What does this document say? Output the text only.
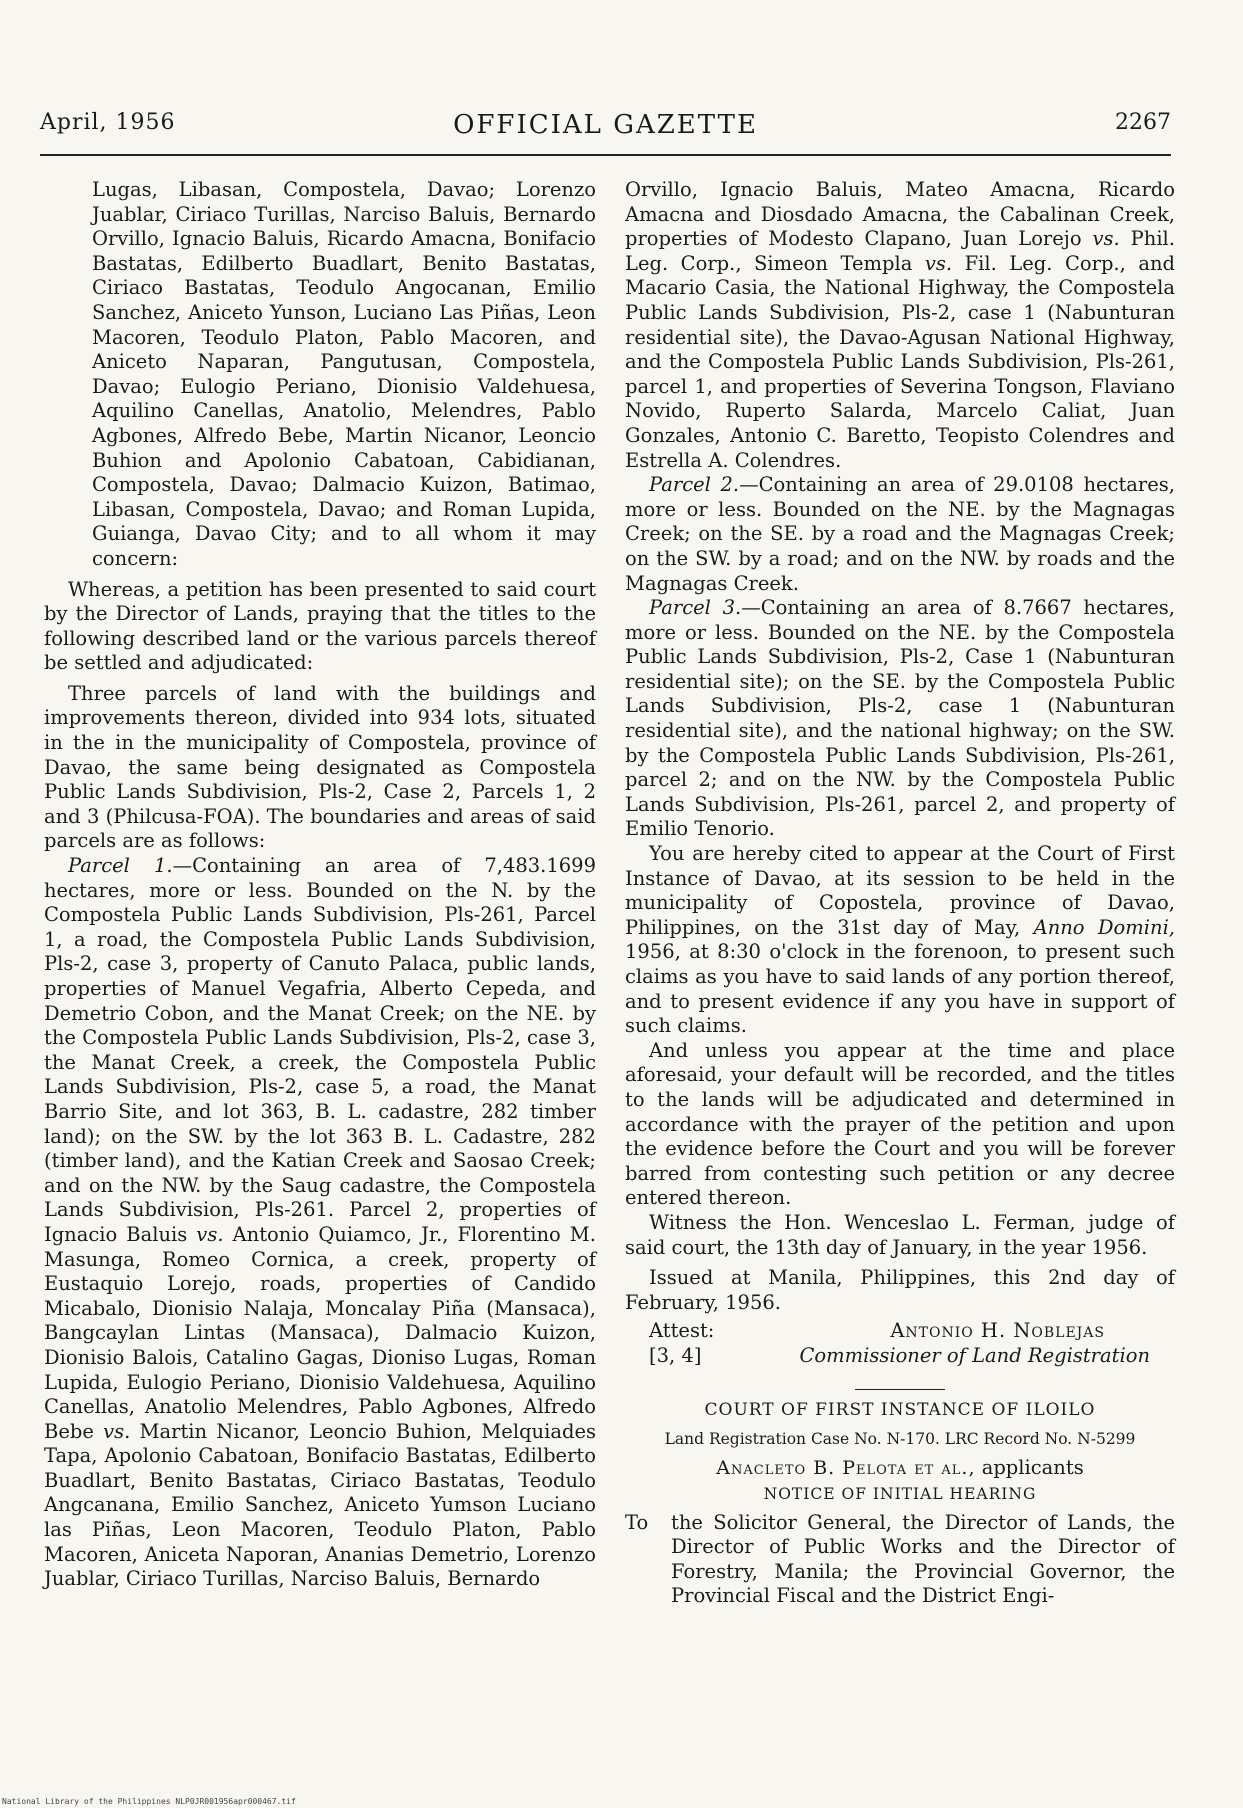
April, 1956	OFFICIAL GAZETTE	2267

Lugas, Libasan, Compostela, Davao; Lorenzo Juablar, Ciriaco Turillas, Narciso Baluis, Bernardo Orvillo, Ignacio Baluis, Ricardo Amacna, Bonifacio Bastatas, Edilberto Buadlart, Benito Bastatas, Ciriaco Bastatas, Teodulo Angocanan, Emilio Sanchez, Aniceto Yunson, Luciano Las Piñas, Leon Macoren, Teodulo Platon, Pablo Macoren, and Aniceto Naparan, Pangutusan, Compostela, Davao; Eulogio Periano, Dionisio Valdehuesa, Aquilino Canellas, Anatolio, Melendres, Pablo Agbones, Alfredo Bebe, Martin Nicanor, Leoncio Buhion and Apolonio Cabatoan, Cabidianan, Compostela, Davao; Dalmacio Kuizon, Batimao, Libasan, Compostela, Davao; and Roman Lupida, Guianga, Davao City; and to all whom it may concern:

Whereas, a petition has been presented to said court by the Director of Lands, praying that the titles to the following described land or the various parcels thereof be settled and adjudicated:

Three parcels of land with the buildings and improvements thereon, divided into 934 lots, situated in the in the municipality of Compostela, province of Davao, the same being designated as Compostela Public Lands Subdivision, Pls-2, Case 2, Parcels 1, 2 and 3 (Philcusa-FOA). The boundaries and areas of said parcels are as follows:

Parcel 1.—Containing an area of 7,483.1699 hectares, more or less. Bounded on the N. by the Compostela Public Lands Subdivision, Pls-261, Parcel 1, a road, the Compostela Public Lands Subdivision, Pls-2, case 3, property of Canuto Palaca, public lands, properties of Manuel Vegafria, Alberto Cepeda, and Demetrio Cobon, and the Manat Creek; on the NE. by the Compostela Public Lands Subdivision, Pls-2, case 3, the Manat Creek, a creek, the Compostela Public Lands Subdivision, Pls-2, case 5, a road, the Manat Barrio Site, and lot 363, B. L. cadastre, 282 timber land); on the SW. by the lot 363 B. L. Cadastre, 282 (timber land), and the Katian Creek and Saosao Creek; and on the NW. by the Saug cadastre, the Compostela Lands Subdivision, Pls-261. Parcel 2, properties of Ignacio Baluis vs. Antonio Quiamco, Jr., Florentino M. Masunga, Romeo Cornica, a creek, property of Eustaquio Lorejo, roads, properties of Candido Micabalo, Dionisio Nalaja, Moncalay Piña (Mansaca), Bangcaylan Lintas (Mansaca), Dalmacio Kuizon, Dionisio Balois, Catalino Gagas, Dioniso Lugas, Roman Lupida, Eulogio Periano, Dionisio Valdehuesa, Aquilino Canellas, Anatolio Melendres, Pablo Agbones, Alfredo Bebe vs. Martin Nicanor, Leoncio Buhion, Melquiades Tapa, Apolonio Cabatoan, Bonifacio Bastatas, Edilberto Buadlart, Benito Bastatas, Ciriaco Bastatas, Teodulo Angcanana, Emilio Sanchez, Aniceto Yumson Luciano las Piñas, Leon Macoren, Teodulo Platon, Pablo Macoren, Aniceta Naporan, Ananias Demetrio, Lorenzo Juablar, Ciriaco Turillas, Narciso Baluis, Bernardo

Orvillo, Ignacio Baluis, Mateo Amacna, Ricardo Amacna and Diosdado Amacna, the Cabalinan Creek, properties of Modesto Clapano, Juan Lorejo vs. Phil. Leg. Corp., Simeon Templa vs. Fil. Leg. Corp., and Macario Casia, the National Highway, the Compostela Public Lands Subdivision, Pls-2, case 1 (Nabunturan residential site), the Davao-Agusan National Highway, and the Compostela Public Lands Subdivision, Pls-261, parcel 1, and properties of Severina Tongson, Flaviano Novido, Ruperto Salarda, Marcelo Caliat, Juan Gonzales, Antonio C. Baretto, Teopisto Colendres and Estrella A. Colendres.

Parcel 2.—Containing an area of 29.0108 hectares, more or less. Bounded on the NE. by the Magnagas Creek; on the SE. by a road and the Magnagas Creek; on the SW. by a road; and on the NW. by roads and the Magnagas Creek.

Parcel 3.—Containing an area of 8.7667 hectares, more or less. Bounded on the NE. by the Compostela Public Lands Subdivision, Pls-2, Case 1 (Nabunturan residential site); on the SE. by the Compostela Public Lands Subdivision, Pls-2, case 1 (Nabunturan residential site), and the national highway; on the SW. by the Compostela Public Lands Subdivision, Pls-261, parcel 2; and on the NW. by the Compostela Public Lands Subdivision, Pls-261, parcel 2, and property of Emilio Tenorio.

You are hereby cited to appear at the Court of First Instance of Davao, at its session to be held in the municipality of Copostela, province of Davao, Philippines, on the 31st day of May, Anno Domini, 1956, at 8:30 o'clock in the forenoon, to present such claims as you have to said lands of any portion thereof, and to present evidence if any you have in support of such claims.

And unless you appear at the time and place aforesaid, your default will be recorded, and the titles to the lands will be adjudicated and determined in accordance with the prayer of the petition and upon the evidence before the Court and you will be forever barred from contesting such petition or any decree entered thereon.

Witness the Hon. Wenceslao L. Ferman, judge of said court, the 13th day of January, in the year 1956.

Issued at Manila, Philippines, this 2nd day of February, 1956.

Attest:
[3, 4]
Antonio H. Noblejas
Commissioner of Land Registration

COURT OF FIRST INSTANCE OF ILOILO

Land Registration Case No. N-170. LRC Record No. N-5299

Anacleto B. Pelota et al., applicants

NOTICE OF INITIAL HEARING

To the Solicitor General, the Director of Lands, the Director of Public Works and the Director of Forestry, Manila; the Provincial Governor, the Provincial Fiscal and the District Engi-

National Library of the Philippines NLP0JR001956apr000467.tif
